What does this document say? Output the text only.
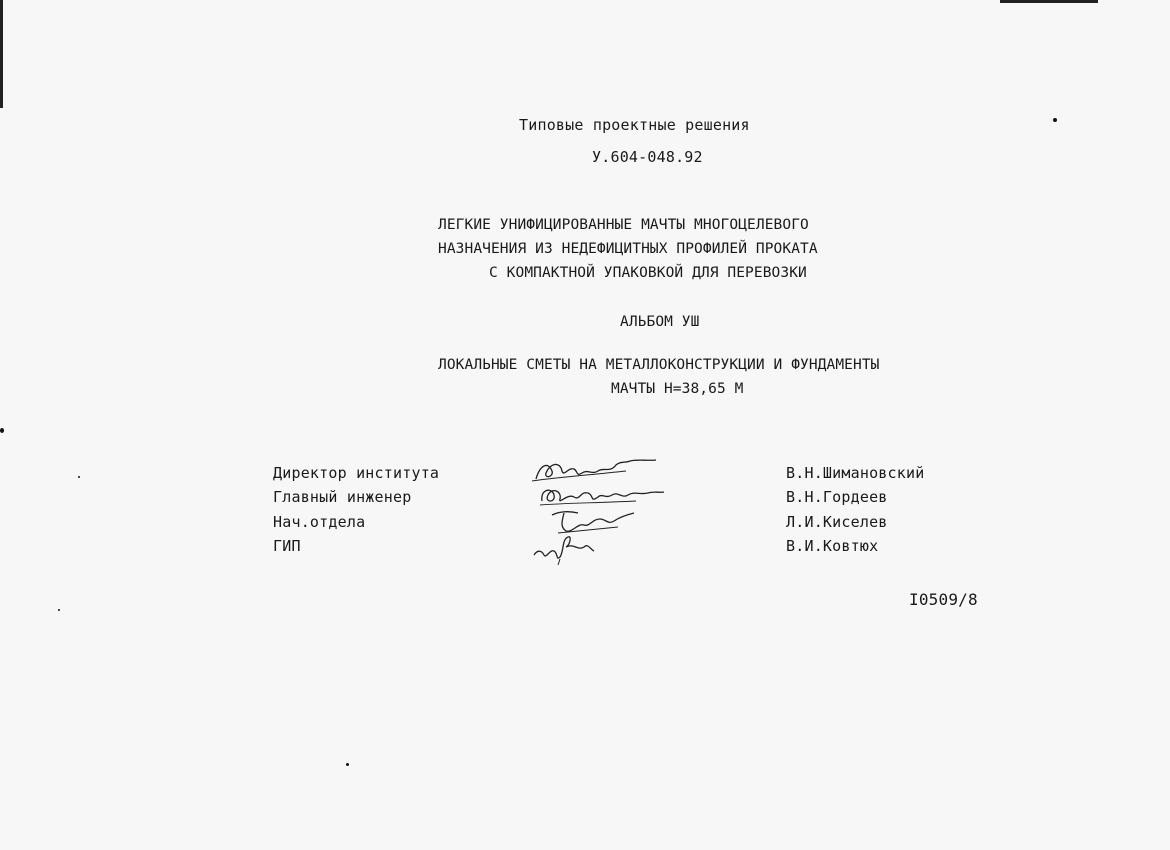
Типовые проектные решения
У.604-048.92
ЛЕГКИЕ УНИФИЦИРОВАННЫЕ МАЧТЫ МНОГОЦЕЛЕВОГО
НАЗНАЧЕНИЯ ИЗ НЕДЕФИЦИТНЫХ ПРОФИЛЕЙ ПРОКАТА
С КОМПАКТНОЙ УПАКОВКОЙ ДЛЯ ПЕРЕВОЗКИ
АЛЬБОМ УШ
ЛОКАЛЬНЫЕ СМЕТЫ НА МЕТАЛЛОКОНСТРУКЦИИ И ФУНДАМЕНТЫ
МАЧТЫ Н=38,65 М
Директор института
Главный инженер
Нач.отдела
ГИП
В.Н.Шимановский
В.Н.Гордеев
Л.И.Киселев
В.И.Ковтюх
I0509/8
